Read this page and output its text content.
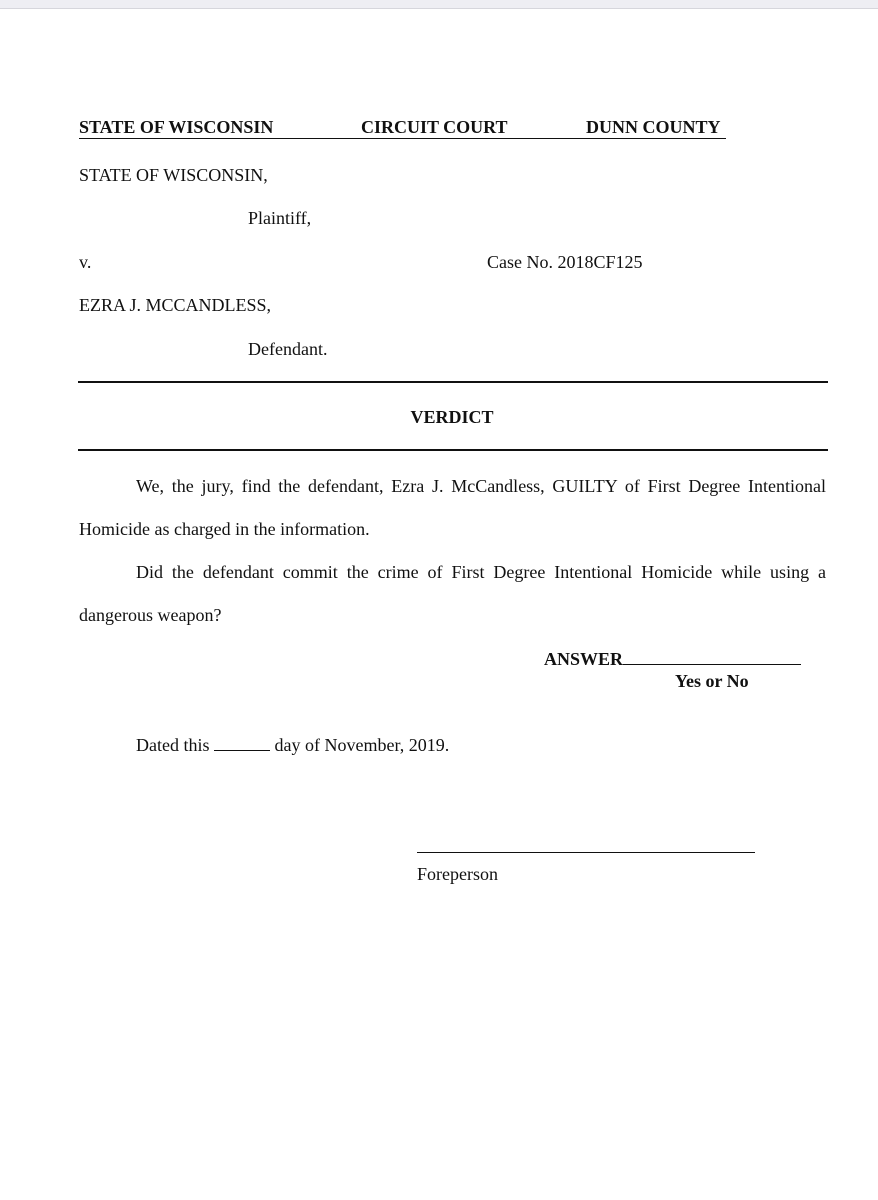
STATE OF WISCONSIN	CIRCUIT COURT	DUNN COUNTY
STATE OF WISCONSIN,
Plaintiff,
v.	Case No. 2018CF125
EZRA J. MCCANDLESS,
Defendant.
VERDICT
We, the jury, find the defendant, Ezra J. McCandless, GUILTY of First Degree Intentional Homicide as charged in the information.
Did the defendant commit the crime of First Degree Intentional Homicide while using a dangerous weapon?
ANSWER
Yes or No
Dated this	day of November, 2019.
Foreperson
